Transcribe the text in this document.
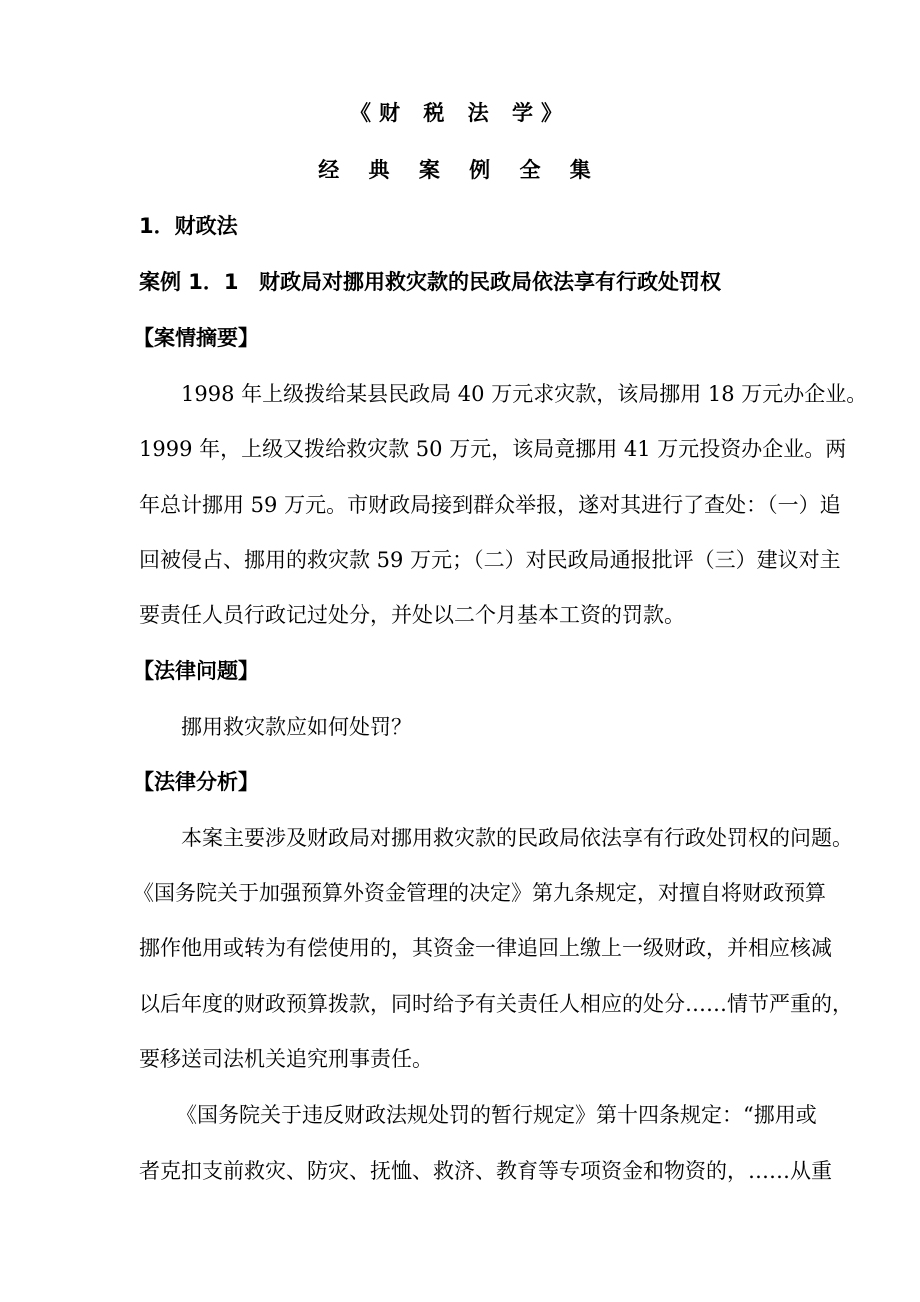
《财 税 法 学》
经 典 案 例 全 集
1．财政法
案例 1．1 财政局对挪用救灾款的民政局依法享有行政处罚权
【案情摘要】
1998 年上级拨给某县民政局 40 万元求灾款，该局挪用 18 万元办企业。
1999 年，上级又拨给救灾款 50 万元，该局竟挪用 41 万元投资办企业。两
年总计挪用 59 万元。市财政局接到群众举报，遂对其进行了查处：（一）追
回被侵占、挪用的救灾款 59 万元；（二）对民政局通报批评（三）建议对主
要责任人员行政记过处分，并处以二个月基本工资的罚款。
【法律问题】
挪用救灾款应如何处罚？
【法律分析】
本案主要涉及财政局对挪用救灾款的民政局依法享有行政处罚权的问题。
《国务院关于加强预算外资金管理的决定》第九条规定，对擅自将财政预算
挪作他用或转为有偿使用的，其资金一律追回上缴上一级财政，并相应核减
以后年度的财政预算拨款，同时给予有关责任人相应的处分……情节严重的，
要移送司法机关追究刑事责任。
《国务院关于违反财政法规处罚的暂行规定》第十四条规定：“挪用或
者克扣支前救灾、防灾、抚恤、救济、教育等专项资金和物资的，……从重
